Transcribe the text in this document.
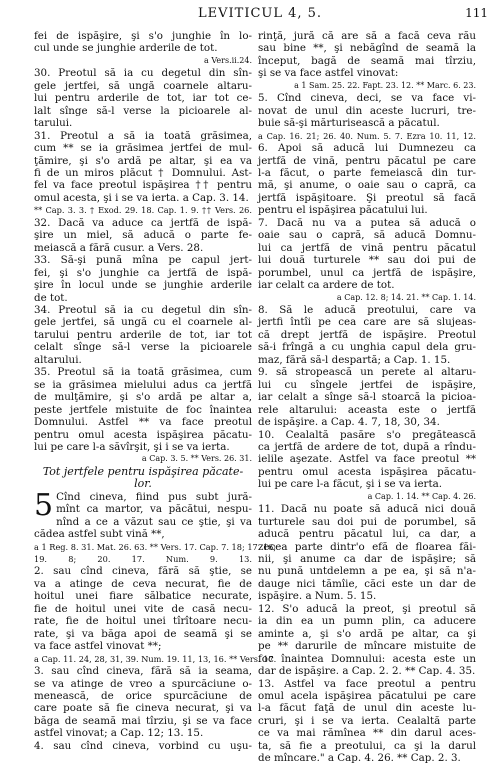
LEVITICUL 4, 5.	111
fei de ispăşire, şi s'o junghie în lo-
cul unde se junghie arderile de tot.
a Vers.ii.24.
30. Preotul să ia cu degetul din sîn-
gele jertfei, să ungă coarnele altaru-
lui pentru arderile de tot, iar tot ce-
lalt sînge să-l verse la picioarele al-
tarului.
31. Preotul a să ia toată grăsimea,
cum ** se ia grăsimea jertfei de mul-
ţămire, şi s'o ardă pe altar, şi ea va
fi de un miros plăcut † Domnului. Ast-
fel va face preotul ispăşirea †† pentru
omul acesta, şi i se va ierta. a Cap. 3. 14.
** Cap. 3. 3. † Exod. 29. 18. Cap. 1. 9. †† Vers. 26.
32. Dacă va aduce ca jertfă de ispă-
şire un miel, să aducă o parte fe-
meiască a fără cusur. a Vers. 28.
33. Să-şi pună mîna pe capul jert-
fei, şi s'o junghie ca jertfă de ispă-
şire în locul unde se junghie arderile
de tot.
34. Preotul să ia cu degetul din sîn-
gele jertfei, să ungă cu el coarnele al-
tarului pentru arderile de tot, iar tot
celalt sînge să-l verse la picioarele
altarului.
35. Preotul să ia toată grăsimea, cum
se ia grăsimea mielului adus ca jertfă
de mulţămire, şi s'o ardă pe altar a,
peste jertfele mistuite de foc înaintea
Domnului. Astfel ** va face preotul
pentru omul acesta ispăşirea păcatu-
lui pe care l-a săvîrşit, şi i se va ierta.
a Cap. 3. 5. ** Vers. 26. 31.
Tot jertfele pentru ispăşirea păcate-
lor.
5 Cînd cineva, fiind pus subt jură-
mînt ca martor, va păcătui, nespu-
nînd a ce a văzut sau ce ştie, şi va
cădea astfel subt vină **,
a 1 Reg. 8. 31. Mat. 26. 63. ** Vers. 17. Cap. 7. 18; 17. 16;
19. 8; 20. 17. Num. 9. 13.
2. sau cînd cineva, fără să ştie, se
va a atinge de ceva necurat, fie de
hoitul unei fiare sălbatice necurate,
fie de hoitul unei vite de casă necu-
rate, fie de hoitul unei tîrîtoare necu-
rate, şi va băga apoi de seamă şi se
va face astfel vinovat **;
a Cap. 11. 24, 28, 31, 39. Num. 19. 11, 13, 16. ** Vers. 17.
3. sau cînd cineva, fără să ia seama,
se va atinge de vreo a spurcăciune o-
menească, de orice spurcăciune de
care poate să fie cineva necurat, şi va
băga de seamă mai tîrziu, şi se va face
astfel vinovat; a Cap. 12; 13. 15.
4. sau cînd cineva, vorbind cu uşu-
rinţă, jură că are să a facă ceva rău
sau bine **, şi nebăgînd de seamă la
început, bagă de seamă mai tîrziu,
şi se va face astfel vinovat:
a 1 Sam. 25. 22. Fapt. 23. 12. ** Marc. 6. 23.
5. Cînd cineva, deci, se va face vi-
novat de unul din aceste lucruri, tre-
buie să-şi mărturisească a păcatul.
a Cap. 16. 21; 26. 40. Num. 5. 7. Ezra 10. 11, 12.
6. Apoi să aducă lui Dumnezeu ca
jertfă de vină, pentru păcatul pe care
l-a făcut, o parte femeiască din tur-
mă, şi anume, o oaie sau o capră, ca
jertfă ispăşitoare. Şi preotul să facă
pentru el ispăşirea păcatului lui.
7. Dacă nu va a putea să aducă o
oaie sau o capră, să aducă Domnu-
lui ca jertfă de vină pentru păcatul
lui două turturele ** sau doi pui de
porumbel, unul ca jertfă de ispăşire,
iar celalt ca ardere de tot.
a Cap. 12. 8; 14. 21. ** Cap. 1. 14.
8. Să le aducă preotului, care va
jertfi întîi pe cea care are să slujeas-
că drept jertfă de ispăşire. Preotul
să-i frîngă a cu unghia capul dela gru-
maz, fără să-l despartă; a Cap. 1. 15.
9. să stropească un perete al altaru-
lui cu sîngele jertfei de ispăşire,
iar celalt a sînge să-l stoarcă la picioa-
rele altarului: aceasta este o jertfă
de ispăşire. a Cap. 4. 7, 18, 30, 34.
10. Cealaltă pasăre s'o pregătească
ca jertfă de ardere de tot, după a rîndu-
ielile aşezate. Astfel va face preotul **
pentru omul acesta ispăşirea păcatu-
lui pe care l-a făcut, şi i se va ierta.
a Cap. 1. 14. ** Cap. 4. 26.
11. Dacă nu poate să aducă nici două
turturele sau doi pui de porumbel, să
aducă pentru păcatul lui, ca dar, a
zecea parte dintr'o efă de floarea făi-
nii, şi anume ca dar de ispăşire; să
nu pună untdelemn a pe ea, şi să n'a-
dauge nici tămîie, căci este un dar de
ispăşire. a Num. 5. 15.
12. S'o aducă la preot, şi preotul să
ia din ea un pumn plin, ca aducere
aminte a, şi s'o ardă pe altar, ca şi
pe ** darurile de mîncare mistuite de
foc înaintea Domnului: acesta este un
dar de ispăşire. a Cap. 2. 2. ** Cap. 4. 35.
13. Astfel va face preotul a pentru
omul acela ispăşirea păcatului pe care
l-a făcut faţă de unul din aceste lu-
cruri, şi i se va ierta. Cealaltă parte
ce va mai rămînea ** din darul aces-
ta, să fie a preotului, ca şi la darul
de mîncare." a Cap. 4. 26. ** Cap. 2. 3.
